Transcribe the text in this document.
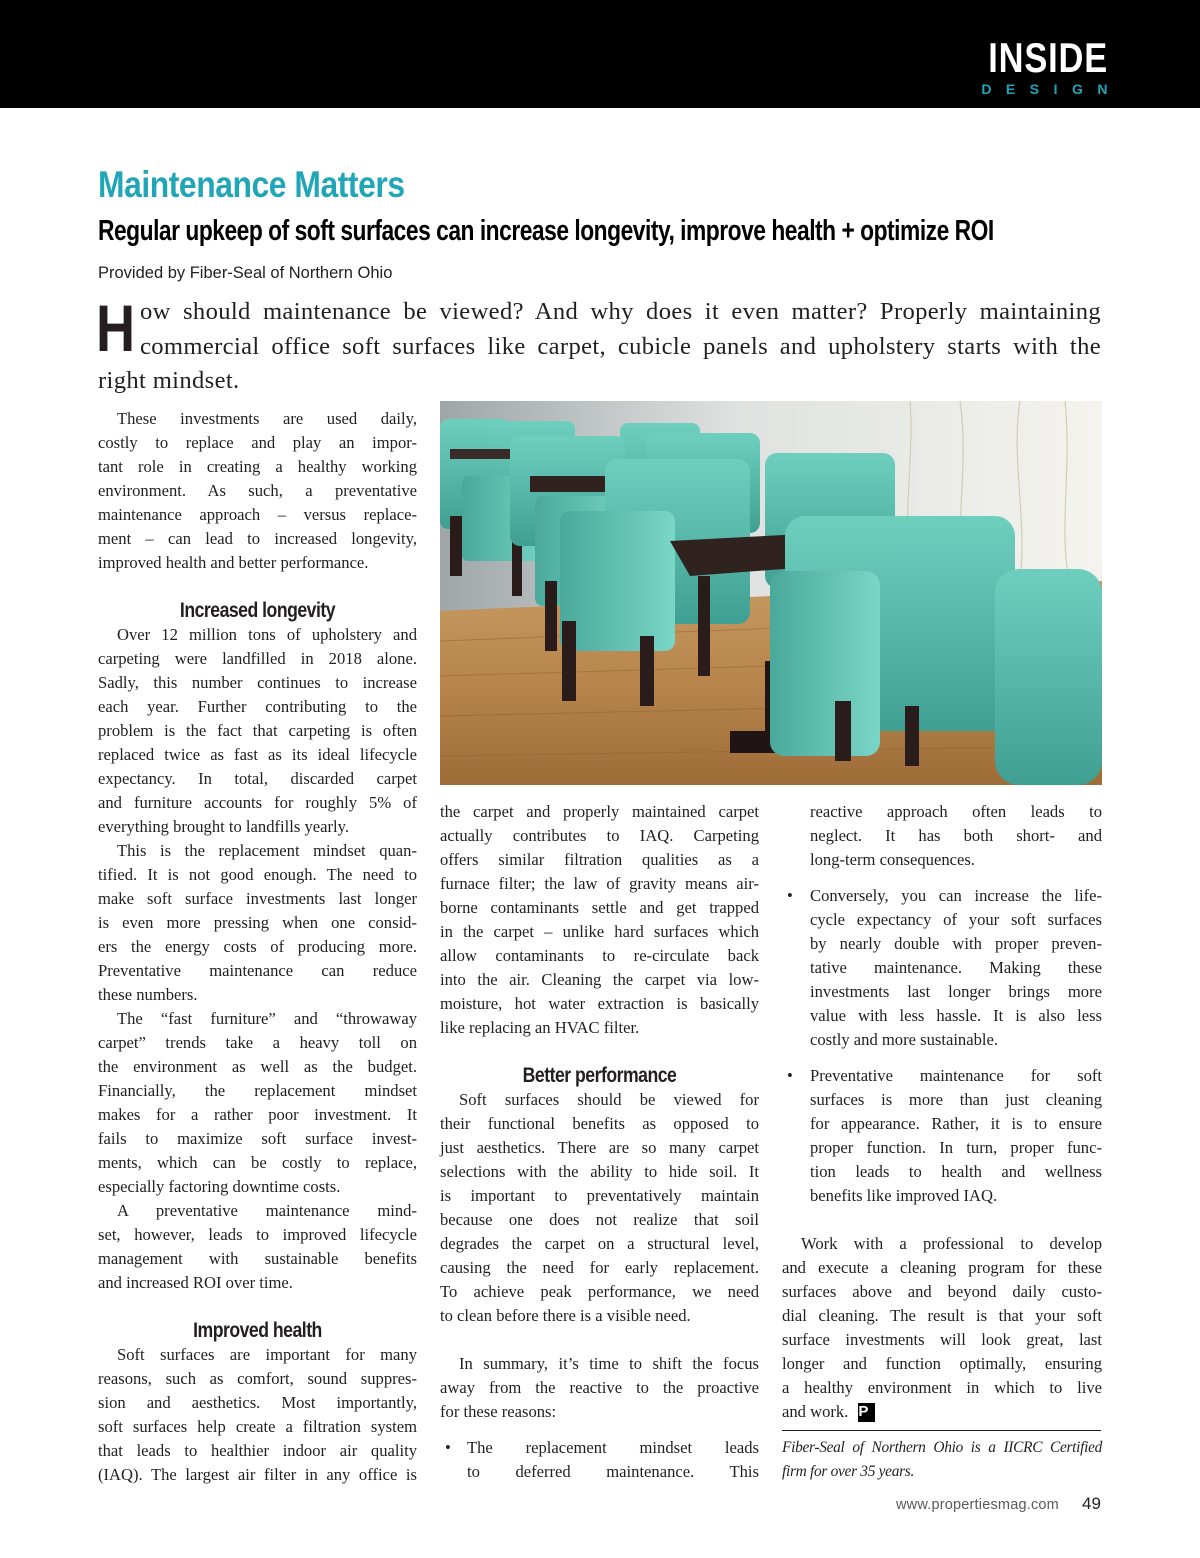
INSIDE
DESIGN
Maintenance Matters
Regular upkeep of soft surfaces can increase longevity, improve health + optimize ROI
Provided by Fiber-Seal of Northern Ohio
H ow should maintenance be viewed? And why does it even matter? Properly maintaining
commercial office soft surfaces like carpet, cubicle panels and upholstery starts with the
right mindset.
These investments are used daily,
costly to replace and play an impor-
tant role in creating a healthy working
environment. As such, a preventative
maintenance approach – versus replace-
ment – can lead to increased longevity,
improved health and better performance.
Increased longevity
Over 12 million tons of upholstery and
carpeting were landfilled in 2018 alone.
Sadly, this number continues to increase
each year. Further contributing to the
problem is the fact that carpeting is often
replaced twice as fast as its ideal lifecycle
expectancy. In total, discarded carpet
and furniture accounts for roughly 5% of
everything brought to landfills yearly.
This is the replacement mindset quan-
tified. It is not good enough. The need to
make soft surface investments last longer
is even more pressing when one consid-
ers the energy costs of producing more.
Preventative maintenance can reduce
these numbers.
The “fast furniture” and “throwaway
carpet” trends take a heavy toll on
the environment as well as the budget.
Financially, the replacement mindset
makes for a rather poor investment. It
fails to maximize soft surface invest-
ments, which can be costly to replace,
especially factoring downtime costs.
A preventative maintenance mind-
set, however, leads to improved lifecycle
management with sustainable benefits
and increased ROI over time.
Improved health
Soft surfaces are important for many
reasons, such as comfort, sound suppres-
sion and aesthetics. Most importantly,
soft surfaces help create a filtration system
that leads to healthier indoor air quality
(IAQ). The largest air filter in any office is
the carpet and properly maintained carpet
actually contributes to IAQ. Carpeting
offers similar filtration qualities as a
furnace filter; the law of gravity means air-
borne contaminants settle and get trapped
in the carpet – unlike hard surfaces which
allow contaminants to re-circulate back
into the air. Cleaning the carpet via low-
moisture, hot water extraction is basically
like replacing an HVAC filter.
Better performance
Soft surfaces should be viewed for
their functional benefits as opposed to
just aesthetics. There are so many carpet
selections with the ability to hide soil. It
is important to preventatively maintain
because one does not realize that soil
degrades the carpet on a structural level,
causing the need for early replacement.
To achieve peak performance, we need
to clean before there is a visible need.
In summary, it’s time to shift the focus
away from the reactive to the proactive
for these reasons:
• The replacement mindset leads
to deferred maintenance. This
reactive approach often leads to
neglect. It has both short- and
long-term consequences.
•	Conversely, you can increase the life-
cycle expectancy of your soft surfaces
by nearly double with proper preven-
tative maintenance. Making these
investments last longer brings more
value with less hassle. It is also less
costly and more sustainable.
•	Preventative maintenance for soft
surfaces is more than just cleaning
for appearance. Rather, it is to ensure
proper function. In turn, proper func-
tion leads to health and wellness
benefits like improved IAQ.
Work with a professional to develop
and execute a cleaning program for these
surfaces above and beyond daily custo-
dial cleaning. The result is that your soft
surface investments will look great, last
longer and function optimally, ensuring
a healthy environment in which to live
and work. P
Fiber-Seal of Northern Ohio is a IICRC Certified
firm for over 35 years.
www.propertiesmag.com 49
